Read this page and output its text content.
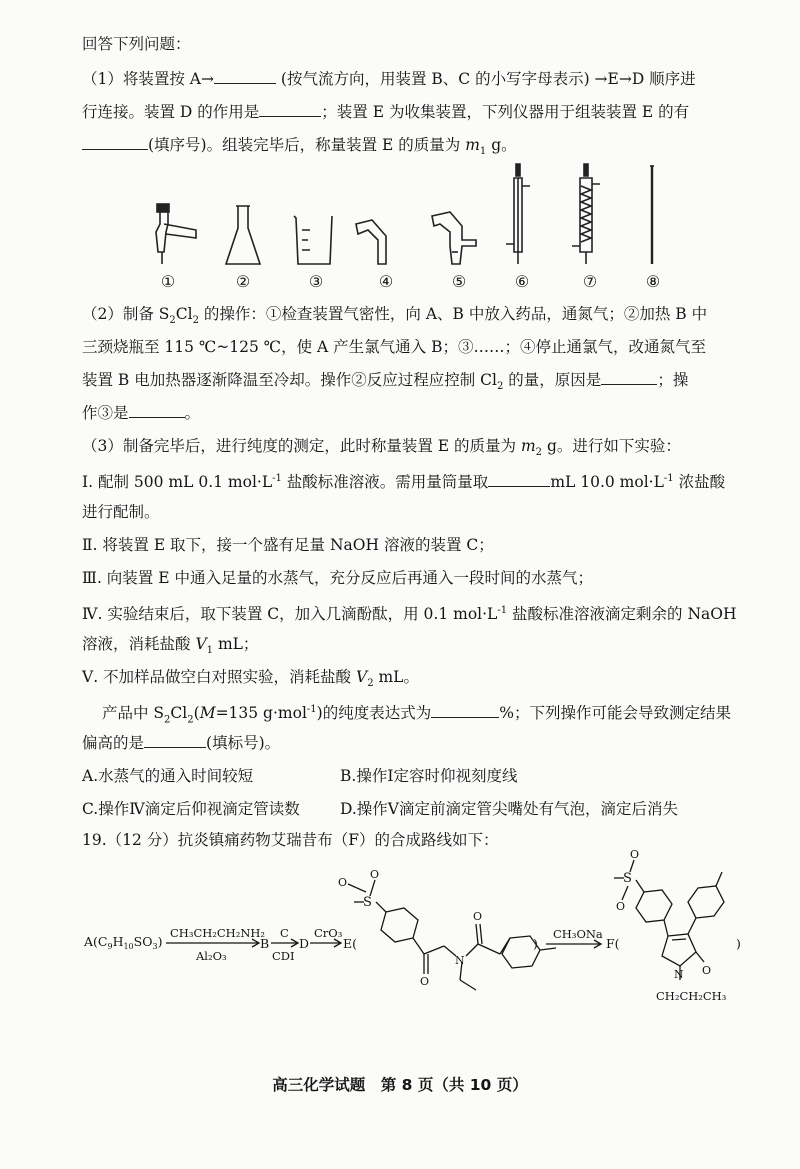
回答下列问题：
（1）将装置按 A→	(按气流方向，用装置 B、C 的小写字母表示) →E→D 顺序进
行连接。装置 D 的作用是	；装置 E 为收集装置，下列仪器用于组装装置 E 的有
(填序号)。组装完毕后，称量装置 E 的质量为 $m_1$ g。
①	②	③	④	⑤	⑥	⑦	⑧
（2）制备 $S_2Cl_2$ 的操作：①检查装置气密性，向 A、B 中放入药品，通氮气；②加热 B 中
三颈烧瓶至 115 ℃~125 ℃，使 A 产生氯气通入 B；③……；④停止通氯气，改通氮气至
装置 B 电加热器逐渐降温至冷却。操作②反应过程应控制 $Cl_2$ 的量，原因是	；操
作③是	。
（3）制备完毕后，进行纯度的测定，此时称量装置 E 的质量为 $m_2$ g。进行如下实验：
Ⅰ. 配制 500 mL 0.1 $mol\cdot L^{-1}$ 盐酸标准溶液。需用量筒量取	mL 10.0 $mol\cdot L^{-1}$ 浓盐酸
进行配制。
Ⅱ. 将装置 E 取下，接一个盛有足量 NaOH 溶液的装置 C；
Ⅲ. 向装置 E 中通入足量的水蒸气，充分反应后再通入一段时间的水蒸气；
Ⅳ. 实验结束后，取下装置 C，加入几滴酚酞，用 0.1 $mol\cdot L^{-1}$ 盐酸标准溶液滴定剩余的 NaOH
溶液，消耗盐酸 $V_1$ mL；
Ⅴ. 不加样品做空白对照实验，消耗盐酸 $V_2$ mL。
产品中 $S_2Cl_2(M=135$ g·mol$^{-1}$)的纯度表达式为	%；下列操作可能会导致测定结果
偏高的是	(填标号)。
A.水蒸气的通入时间较短	B.操作Ⅰ定容时仰视刻度线
C.操作Ⅳ滴定后仰视滴定管读数	D.操作Ⅴ滴定前滴定管尖嘴处有气泡，滴定后消失
19.（12 分）抗炎镇痛药物艾瑞昔布（F）的合成路线如下：
$A(C_9H_{10}SO_3)$
CH₃CH₂CH₂NH₂
Al₂O₃
B
C
CDI
D
CrO₃
E(
S
O
O
O
N
O
)
CH₃ONa
F(
S
O
O
N O
CH₂CH₂CH₃
)
高三化学试题　第 8 页（共 10 页）
